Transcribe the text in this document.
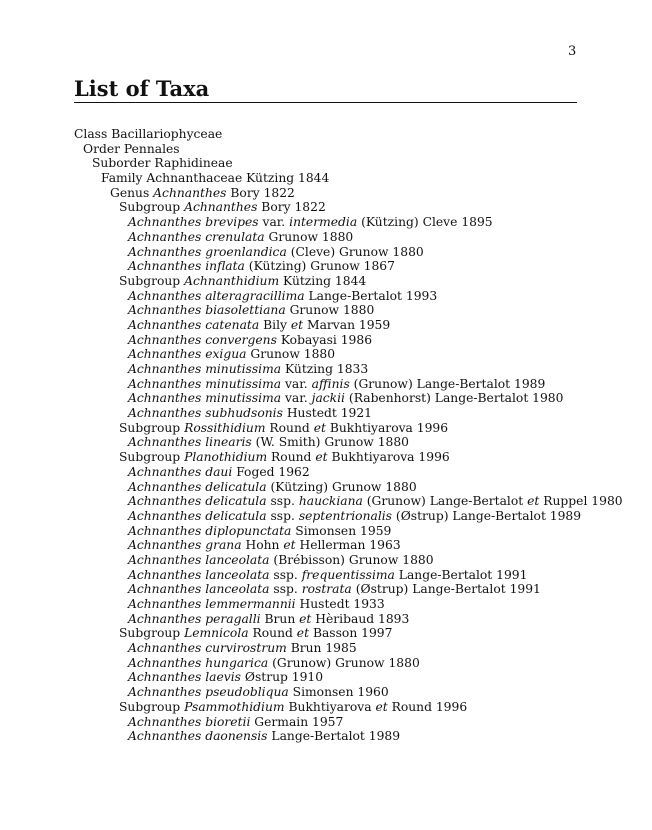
3
List of Taxa
Class Bacillariophyceae
Order Pennales
Suborder Raphidineae
Family Achnanthaceae Kützing 1844
Genus Achnanthes Bory 1822
Subgroup Achnanthes Bory 1822
Achnanthes brevipes var. intermedia (Kützing) Cleve 1895
Achnanthes crenulata Grunow 1880
Achnanthes groenlandica (Cleve) Grunow 1880
Achnanthes inflata (Kützing) Grunow 1867
Subgroup Achnanthidium Kützing 1844
Achnanthes alteragracillima Lange-Bertalot 1993
Achnanthes biasolettiana Grunow 1880
Achnanthes catenata Bily et Marvan 1959
Achnanthes convergens Kobayasi 1986
Achnanthes exigua Grunow 1880
Achnanthes minutissima Kützing 1833
Achnanthes minutissima var. affinis (Grunow) Lange-Bertalot 1989
Achnanthes minutissima var. jackii (Rabenhorst) Lange-Bertalot 1980
Achnanthes subhudsonis Hustedt 1921
Subgroup Rossithidium Round et Bukhtiyarova 1996
Achnanthes linearis (W. Smith) Grunow 1880
Subgroup Planothidium Round et Bukhtiyarova 1996
Achnanthes daui Foged 1962
Achnanthes delicatula (Kützing) Grunow 1880
Achnanthes delicatula ssp. hauckiana (Grunow) Lange-Bertalot et Ruppel 1980
Achnanthes delicatula ssp. septentrionalis (Østrup) Lange-Bertalot 1989
Achnanthes diplopunctata Simonsen 1959
Achnanthes grana Hohn et Hellerman 1963
Achnanthes lanceolata (Brébisson) Grunow 1880
Achnanthes lanceolata ssp. frequentissima Lange-Bertalot 1991
Achnanthes lanceolata ssp. rostrata (Østrup) Lange-Bertalot 1991
Achnanthes lemmermannii Hustedt 1933
Achnanthes peragalli Brun et Hèribaud 1893
Subgroup Lemnicola Round et Basson 1997
Achnanthes curvirostrum Brun 1985
Achnanthes hungarica (Grunow) Grunow 1880
Achnanthes laevis Østrup 1910
Achnanthes pseudobliqua Simonsen 1960
Subgroup Psammothidium Bukhtiyarova et Round 1996
Achnanthes bioretii Germain 1957
Achnanthes daonensis Lange-Bertalot 1989
